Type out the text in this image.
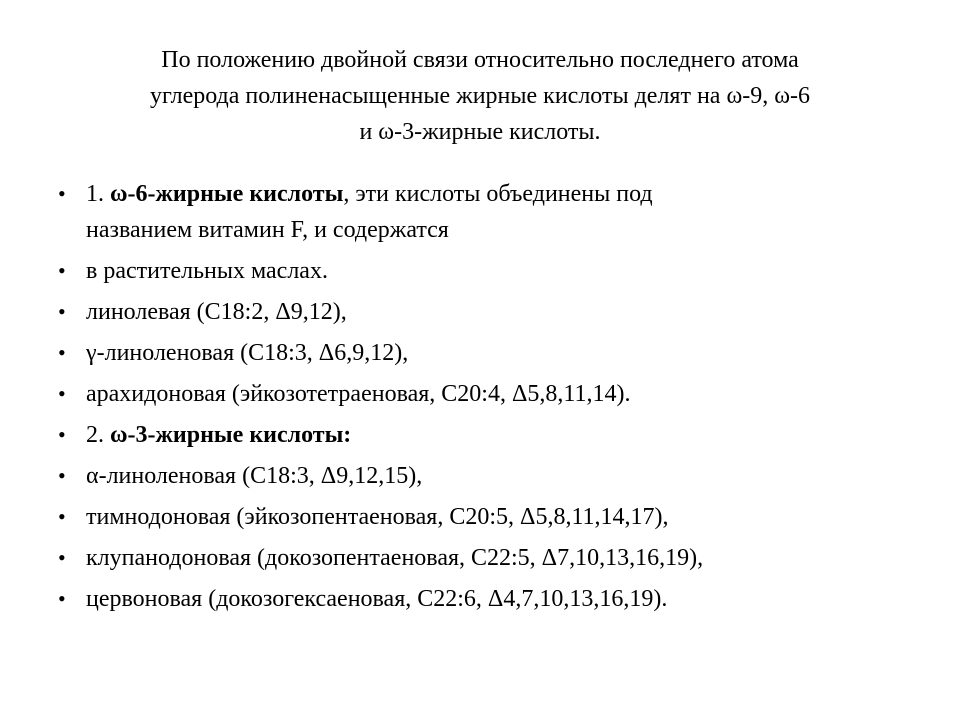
По положению двойной связи относительно последнего атома
углерода полиненасыщенные жирные кислоты делят на ω-9, ω-6
и ω-3-жирные кислоты.
• 1. ω-6-жирные кислоты, эти кислоты объединены под
названием витамин F, и содержатся
• в растительных маслах.
• линолевая (C18:2, Δ9,12),
• γ-линоленовая (C18:3, Δ6,9,12),
• арахидоновая (эйкозотетраеновая, C20:4, Δ5,8,11,14).
• 2. ω-3-жирные кислоты:
• α-линоленовая (C18:3, Δ9,12,15),
• тимнодоновая (эйкозопентаеновая, C20:5, Δ5,8,11,14,17),
• клупанодоновая (докозопентаеновая, C22:5, Δ7,10,13,16,19),
• цервоновая (докозогексаеновая, C22:6, Δ4,7,10,13,16,19).
